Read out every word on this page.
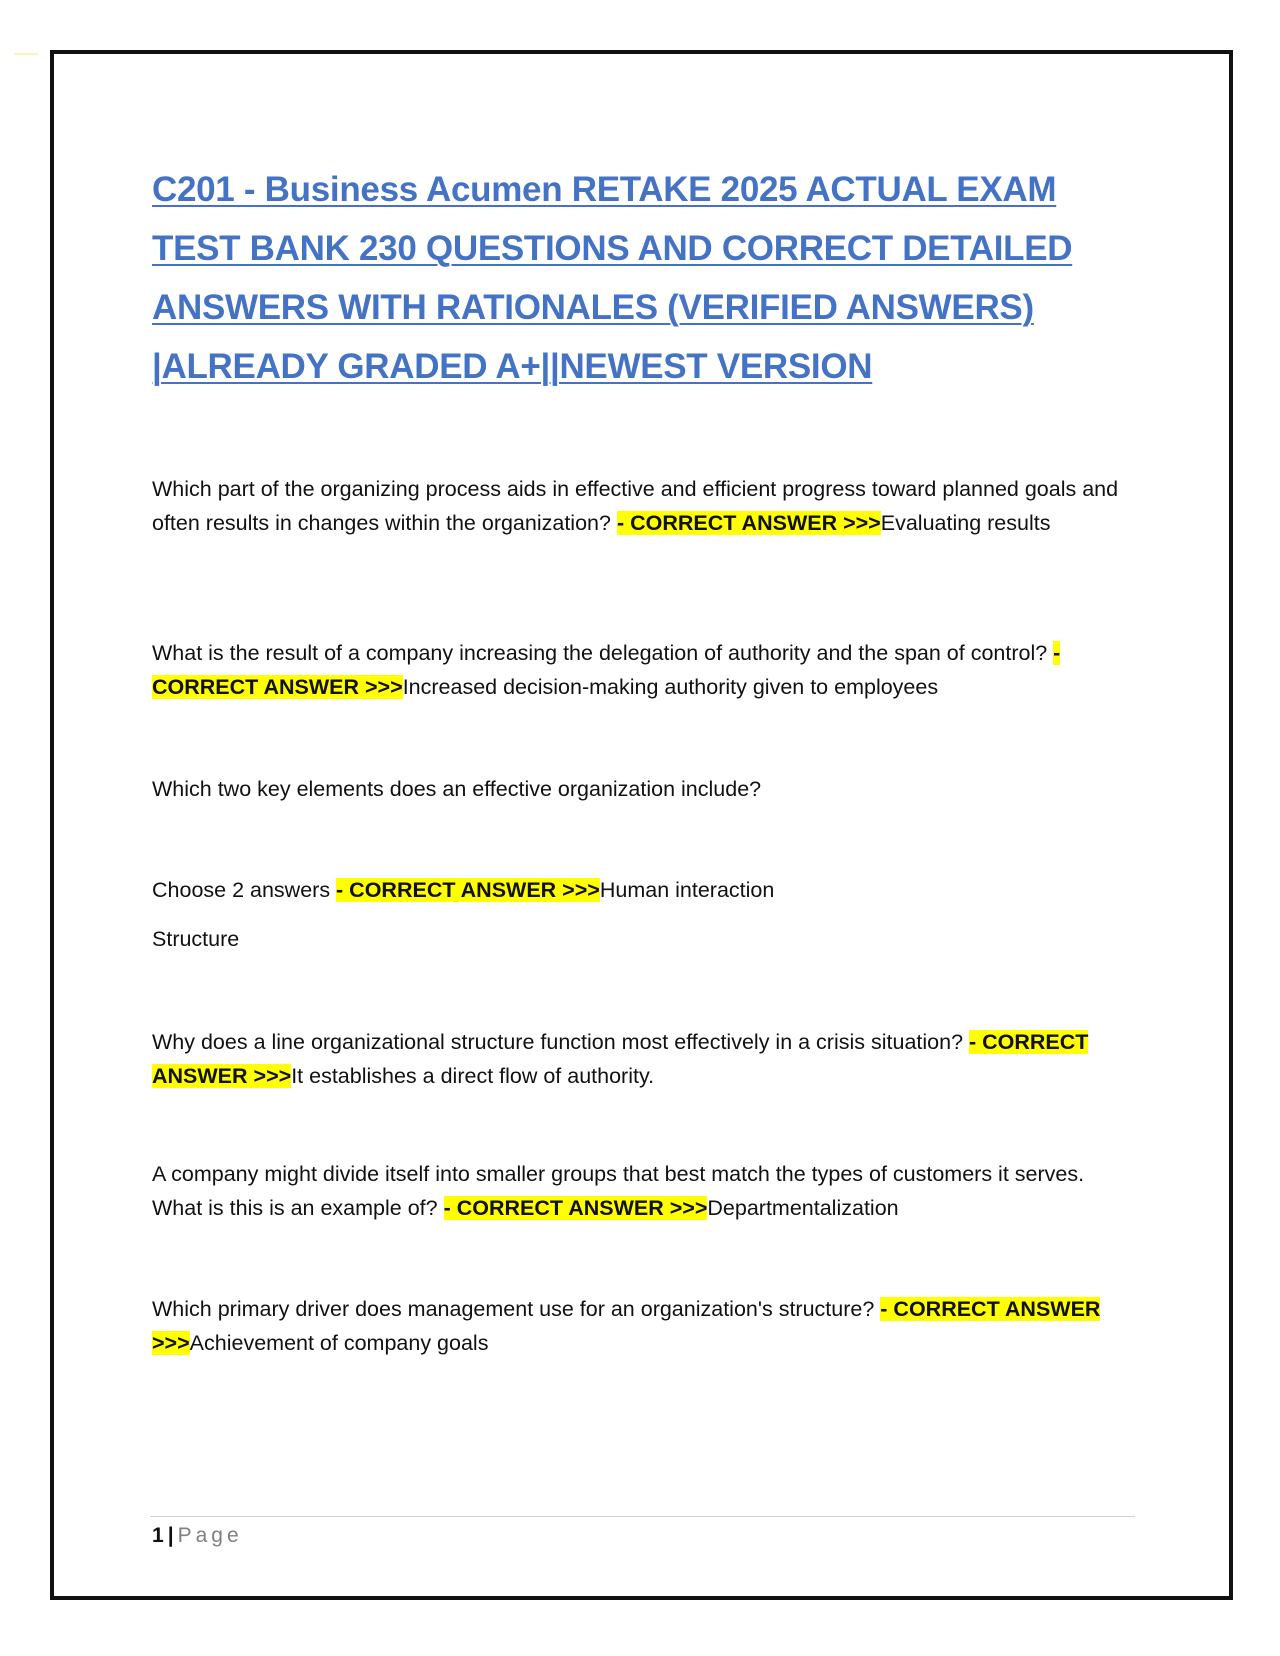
C201 - Business Acumen RETAKE 2025 ACTUAL EXAM
TEST BANK 230 QUESTIONS AND CORRECT DETAILED
ANSWERS WITH RATIONALES (VERIFIED ANSWERS)
|ALREADY GRADED A+||NEWEST VERSION

Which part of the organizing process aids in effective and efficient progress toward planned goals and often results in changes within the organization? - CORRECT ANSWER >>>Evaluating results

What is the result of a company increasing the delegation of authority and the span of control? - CORRECT ANSWER >>>Increased decision-making authority given to employees

Which two key elements does an effective organization include?

Choose 2 answers - CORRECT ANSWER >>>Human interaction

Structure

Why does a line organizational structure function most effectively in a crisis situation? - CORRECT ANSWER >>>It establishes a direct flow of authority.

A company might divide itself into smaller groups that best match the types of customers it serves. What is this is an example of? - CORRECT ANSWER >>>Departmentalization

Which primary driver does management use for an organization's structure? - CORRECT ANSWER >>>Achievement of company goals

1 | Page
